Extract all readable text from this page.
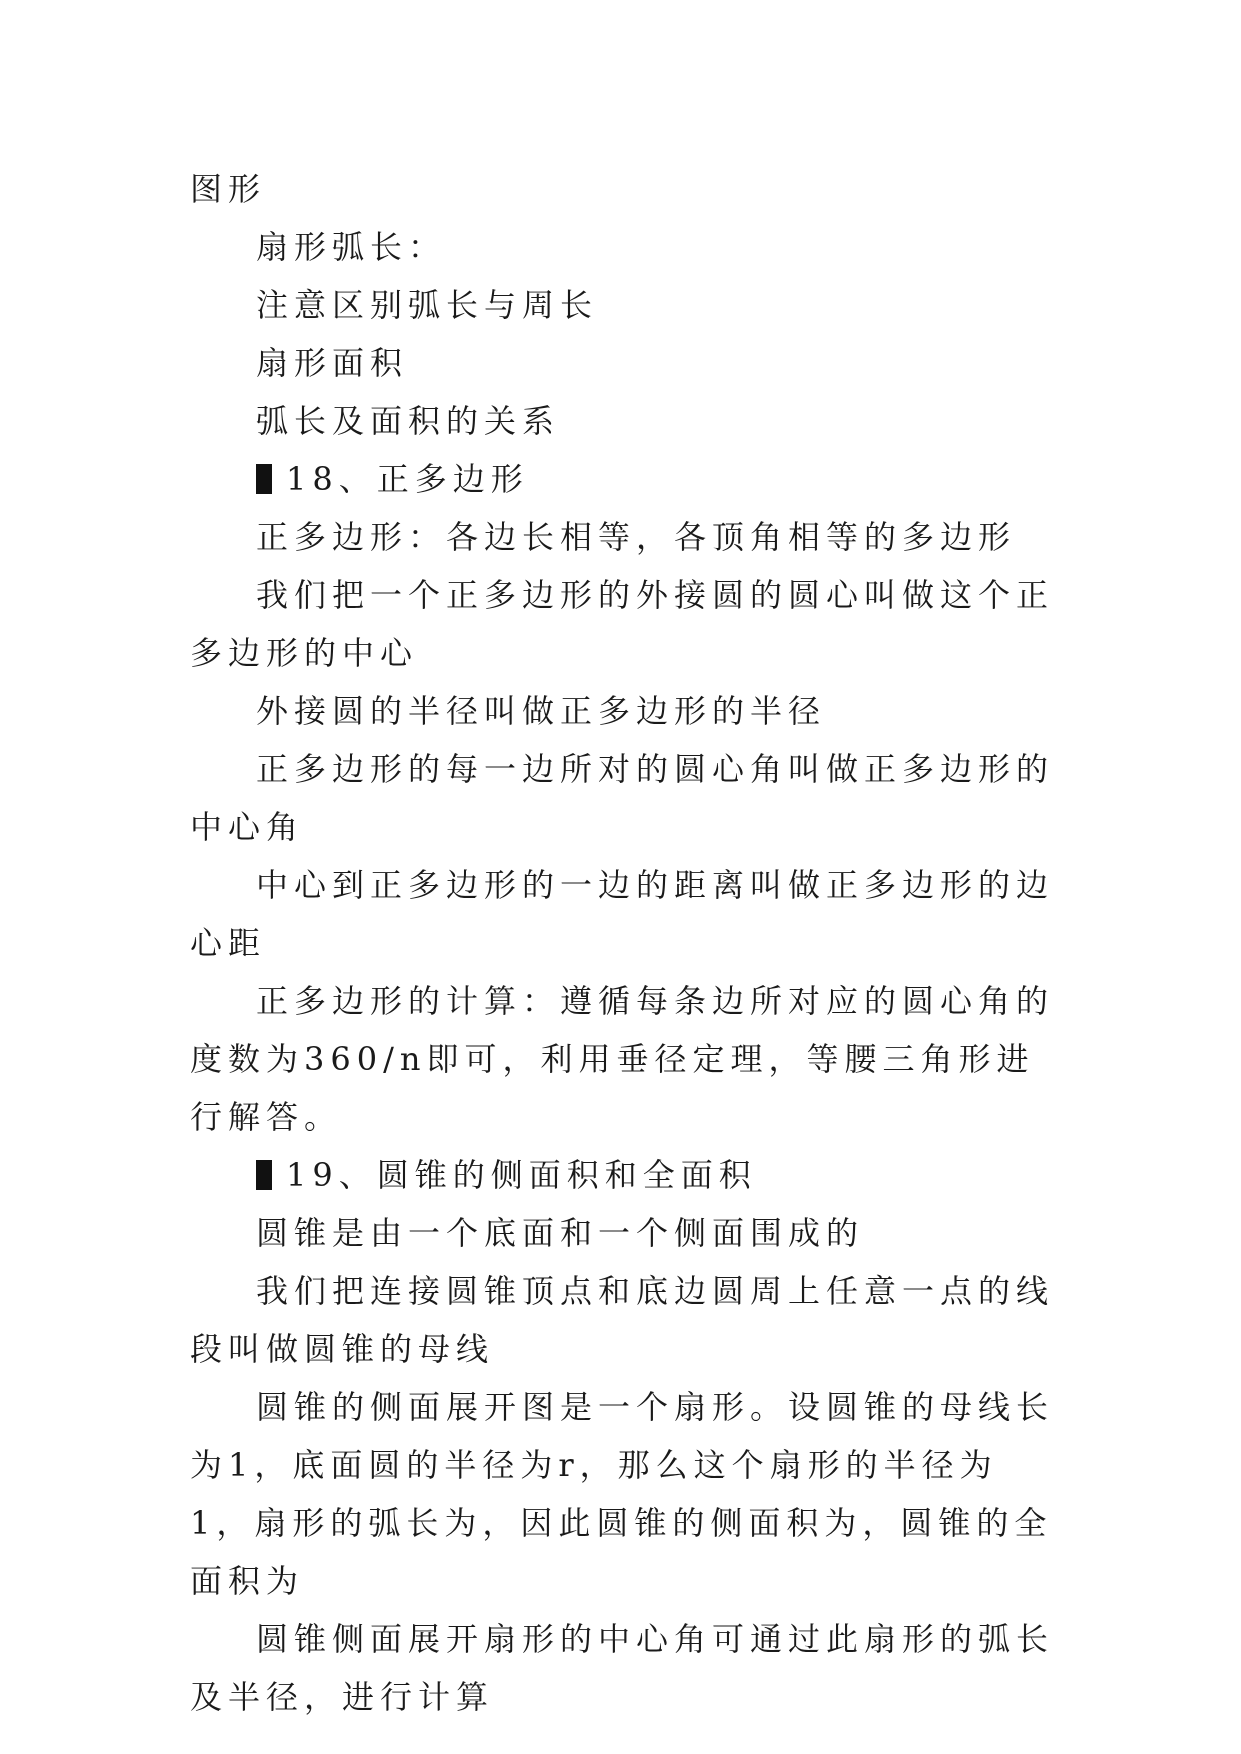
图形

扇形弧长：

注意区别弧长与周长

扇形面积

弧长及面积的关系

18、正多边形

正多边形：各边长相等，各顶角相等的多边形

我们把一个正多边形的外接圆的圆心叫做这个正多边形的中心

外接圆的半径叫做正多边形的半径

正多边形的每一边所对的圆心角叫做正多边形的中心角

中心到正多边形的一边的距离叫做正多边形的边心距

正多边形的计算：遵循每条边所对应的圆心角的度数为360/n即可，利用垂径定理，等腰三角形进行解答。

19、圆锥的侧面积和全面积

圆锥是由一个底面和一个侧面围成的

我们把连接圆锥顶点和底边圆周上任意一点的线段叫做圆锥的母线

圆锥的侧面展开图是一个扇形。设圆锥的母线长为1，底面圆的半径为r，那么这个扇形的半径为1，扇形的弧长为，因此圆锥的侧面积为，圆锥的全面积为

圆锥侧面展开扇形的中心角可通过此扇形的弧长及半径，进行计算
